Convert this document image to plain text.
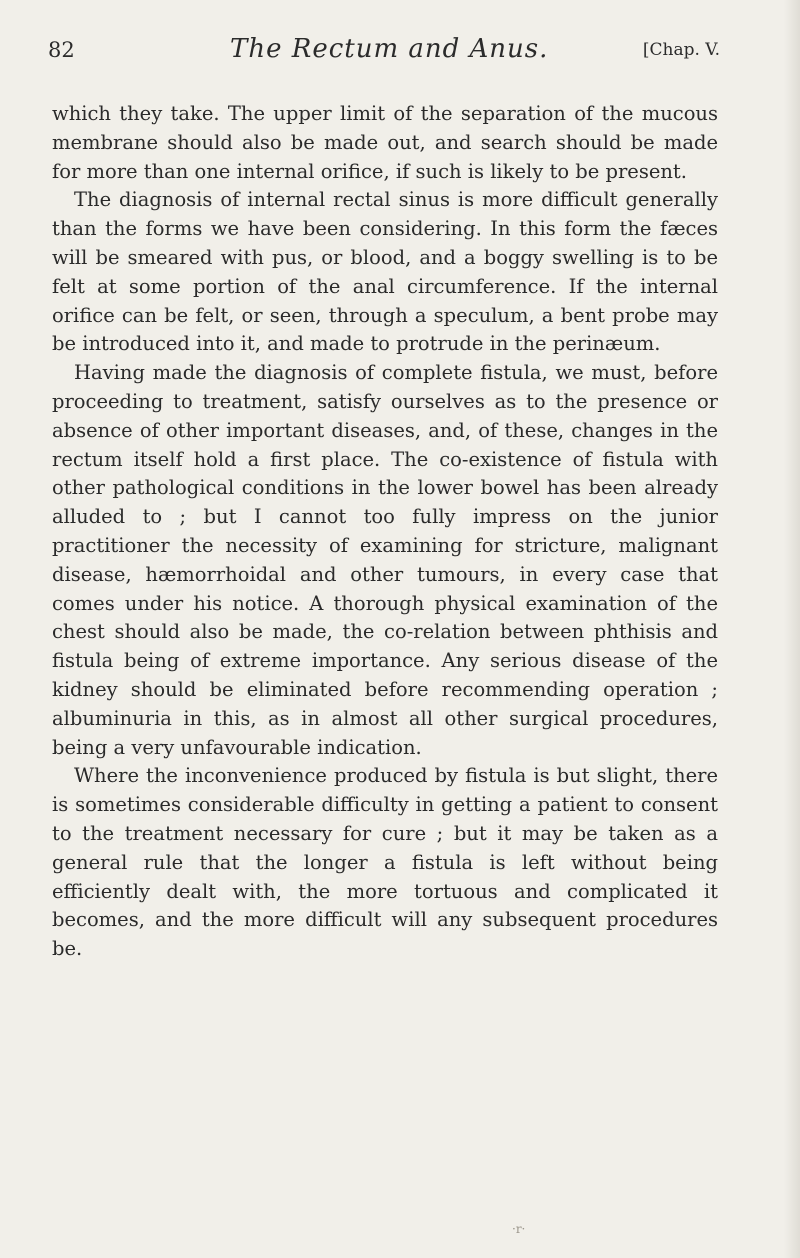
82	The Rectum and Anus.	[Chap. V.

which they take. The upper limit of the separation of the mucous membrane should also be made out, and search should be made for more than one internal orifice, if such is likely to be present.

The diagnosis of internal rectal sinus is more difficult generally than the forms we have been considering. In this form the fæces will be smeared with pus, or blood, and a boggy swelling is to be felt at some portion of the anal circumference. If the internal orifice can be felt, or seen, through a speculum, a bent probe may be introduced into it, and made to protrude in the perinæum.

Having made the diagnosis of complete fistula, we must, before proceeding to treatment, satisfy ourselves as to the presence or absence of other important diseases, and, of these, changes in the rectum itself hold a first place. The co-existence of fistula with other pathological conditions in the lower bowel has been already alluded to ; but I cannot too fully impress on the junior practitioner the necessity of examining for stricture, malignant disease, hæmorrhoidal and other tumours, in every case that comes under his notice. A thorough physical examination of the chest should also be made, the co-relation between phthisis and fistula being of extreme importance. Any serious disease of the kidney should be eliminated before recommending operation ; albuminuria in this, as in almost all other surgical procedures, being a very unfavourable indication.

Where the inconvenience produced by fistula is but slight, there is sometimes considerable difficulty in getting a patient to consent to the treatment necessary for cure ; but it may be taken as a general rule that the longer a fistula is left without being efficiently dealt with, the more tortuous and complicated it becomes, and the more difficult will any subsequent procedures be.

·r·
